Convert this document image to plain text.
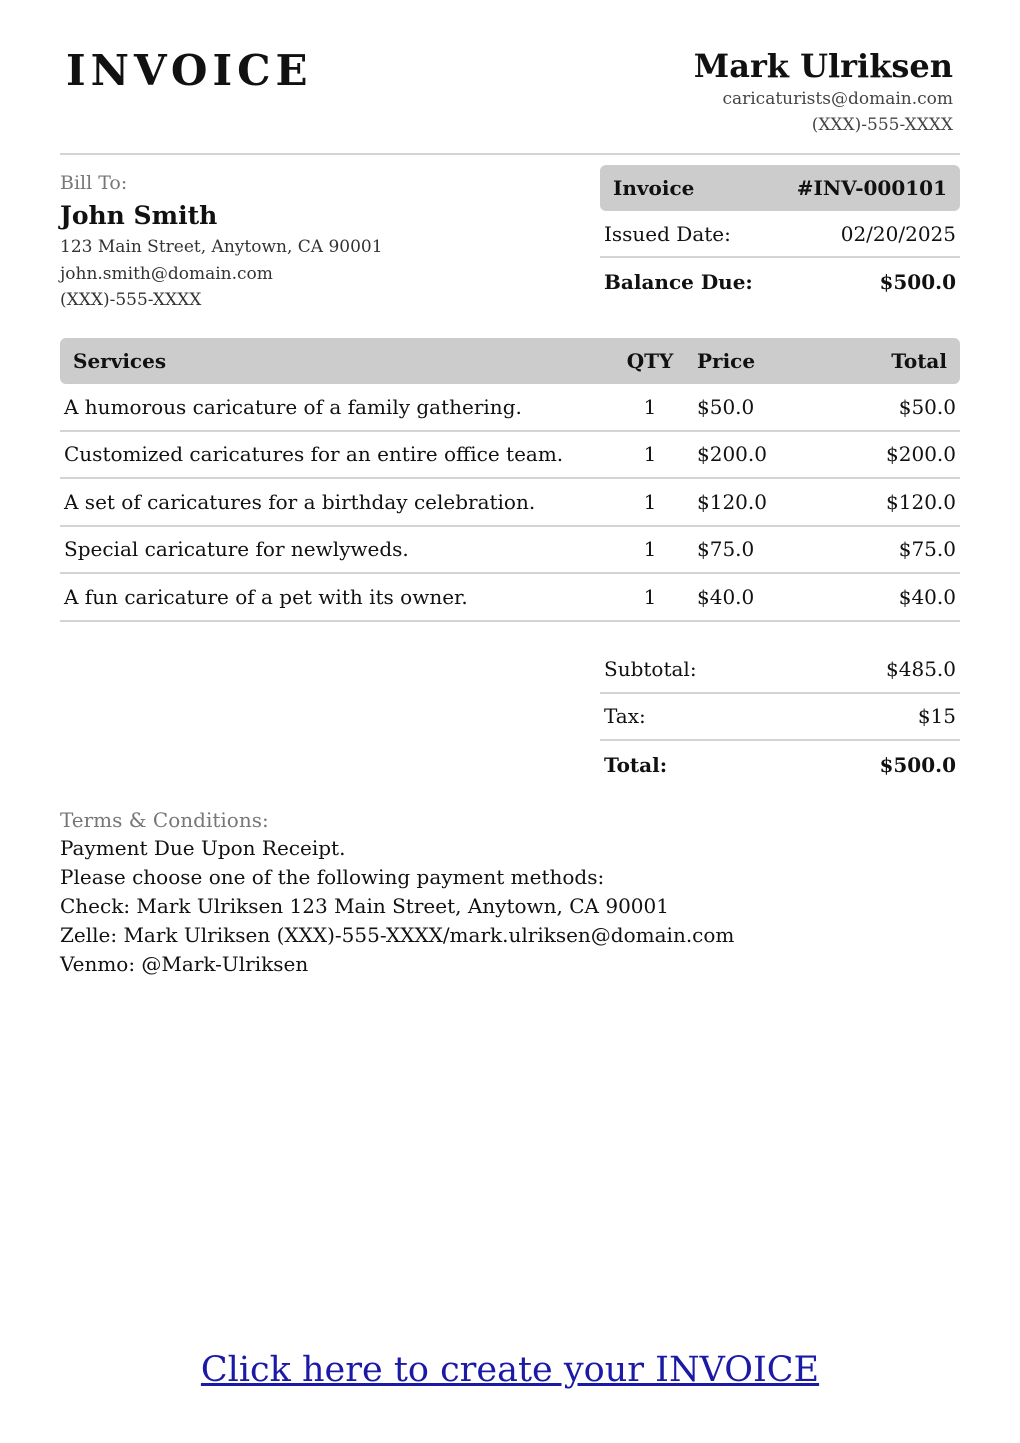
INVOICE	Mark Ulriksen
caricaturists@domain.com
(XXX)-555-XXXX
Bill To:
John Smith
123 Main Street, Anytown, CA 90001
john.smith@domain.com
(XXX)-555-XXXX
Invoice	#INV-000101
Issued Date:	02/20/2025
Balance Due:	$500.0
Services	QTY	Price	Total
A humorous caricature of a family gathering.	1	$50.0	$50.0
Customized caricatures for an entire office team.	1	$200.0	$200.0
A set of caricatures for a birthday celebration.	1	$120.0	$120.0
Special caricature for newlyweds.	1	$75.0	$75.0
A fun caricature of a pet with its owner.	1	$40.0	$40.0
Subtotal:	$485.0
Tax:	$15
Total:	$500.0
Terms & Conditions:
Payment Due Upon Receipt.
Please choose one of the following payment methods:
Check: Mark Ulriksen 123 Main Street, Anytown, CA 90001
Zelle: Mark Ulriksen (XXX)-555-XXXX/mark.ulriksen@domain.com
Venmo: @Mark-Ulriksen
Click here to create your INVOICE
